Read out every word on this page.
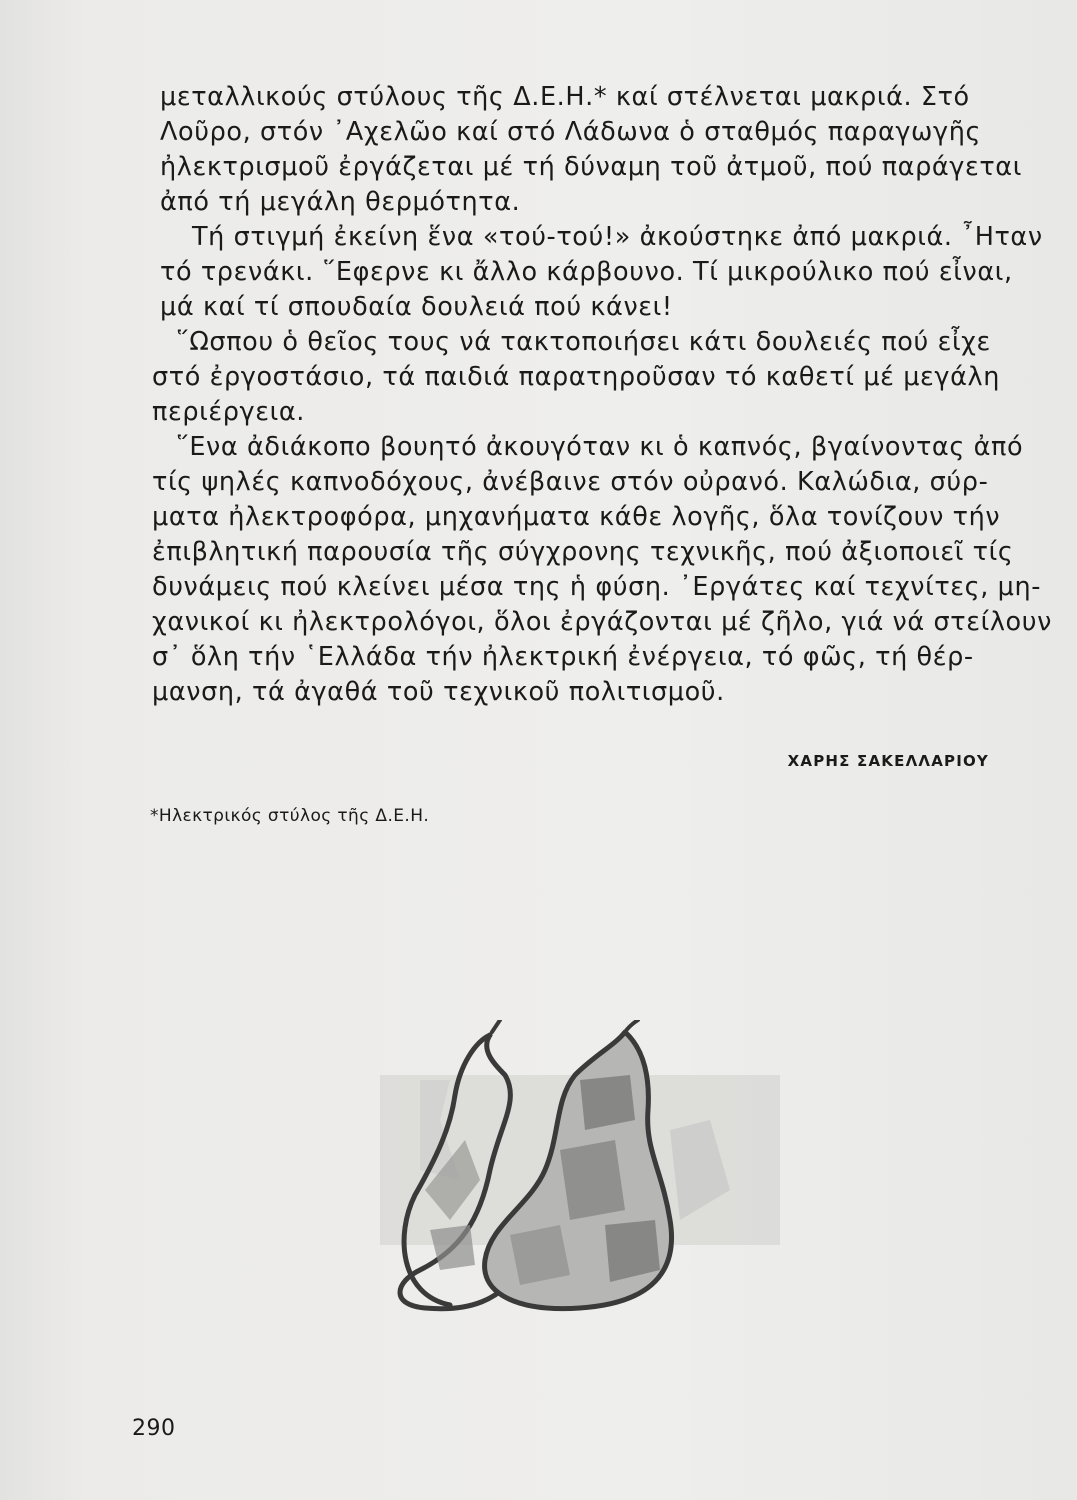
μεταλλικούς στύλους τῆς Δ.Ε.Η.* καί στέλνεται μακριά. Στό
Λοῦρο, στόν ᾿Αχελῶο καί στό Λάδωνα ὁ σταθμός παραγωγῆς
ἠλεκτρισμοῦ ἐργάζεται μέ τή δύναμη τοῦ ἀτμοῦ, πού παράγεται
ἀπό τή μεγάλη θερμότητα.
Τή στιγμή ἐκείνη ἕνα «τού-τού!» ἀκούστηκε ἀπό μακριά. ῏Ηταν
τό τρενάκι. ῞Εφερνε κι ἄλλο κάρβουνο. Τί μικρούλικο πού εἶναι,
μά καί τί σπουδαία δουλειά πού κάνει!
῞Ωσπου ὁ θεῖος τους νά τακτοποιήσει κάτι δουλειές πού εἶχε
στό ἐργοστάσιο, τά παιδιά παρατηροῦσαν τό καθετί μέ μεγάλη
περιέργεια.
῞Ενα ἀδιάκοπο βουητό ἀκουγόταν κι ὁ καπνός, βγαίνοντας ἀπό
τίς ψηλές καπνοδόχους, ἀνέβαινε στόν οὐρανό. Καλώδια, σύρ-
ματα ἠλεκτροφόρα, μηχανήματα κάθε λογῆς, ὅλα τονίζουν τήν
ἐπιβλητική παρουσία τῆς σύγχρονης τεχνικῆς, πού ἀξιοποιεῖ τίς
δυνάμεις πού κλείνει μέσα της ἡ φύση. ᾿Εργάτες καί τεχνίτες, μη-
χανικοί κι ἠλεκτρολόγοι, ὅλοι ἐργάζονται μέ ζῆλο, γιά νά στείλουν
σ᾿ ὅλη τήν ῾Ελλάδα τήν ἠλεκτρική ἐνέργεια, τό φῶς, τή θέρ-
μανση, τά ἀγαθά τοῦ τεχνικοῦ πολιτισμοῦ.
ΧΑΡΗΣ ΣΑΚΕΛΛΑΡΙΟΥ
*Ηλεκτρικός στύλος τῆς Δ.Ε.Η.
290
